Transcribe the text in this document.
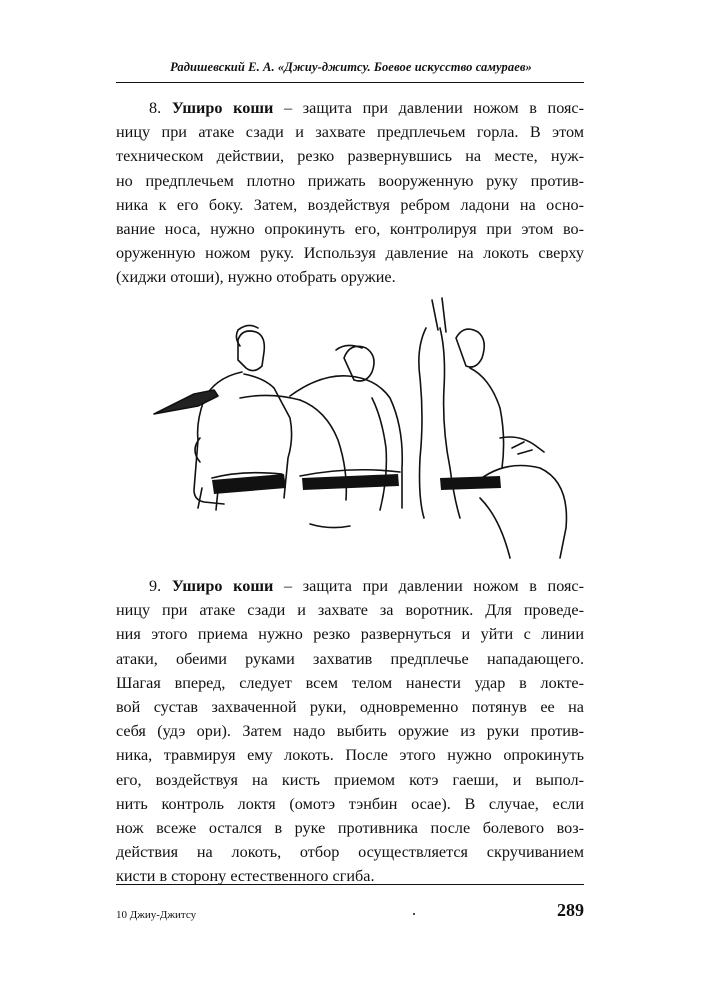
Радишевский Е. А. «Джиу-джитсу. Боевое искусство самураев»
8. Уширо коши – защита при давлении ножом в пояс-
ницу при атаке сзади и захвате предплечьем горла. В этом
техническом действии, резко развернувшись на месте, нуж-
но предплечьем плотно прижать вооруженную руку против-
ника к его боку. Затем, воздействуя ребром ладони на осно-
вание носа, нужно опрокинуть его, контролируя при этом во-
оруженную ножом руку. Используя давление на локоть сверху
(хиджи отоши), нужно отобрать оружие.
9. Уширо коши – защита при давлении ножом в пояс-
ницу при атаке сзади и захвате за воротник. Для проведе-
ния этого приема нужно резко развернуться и уйти с линии
атаки, обеими руками захватив предплечье нападающего.
Шагая вперед, следует всем телом нанести удар в локте-
вой сустав захваченной руки, одновременно потянув ее на
себя (удэ ори). Затем надо выбить оружие из руки против-
ника, травмируя ему локоть. После этого нужно опрокинуть
его, воздействуя на кисть приемом котэ гаеши, и выпол-
нить контроль локтя (омотэ тэнбин осае). В случае, если
нож всеже остался в руке противника после болевого воз-
действия на локоть, отбор осуществляется скручиванием
кисти в сторону естественного сгиба.
10 Джиу-Джитсу	289
